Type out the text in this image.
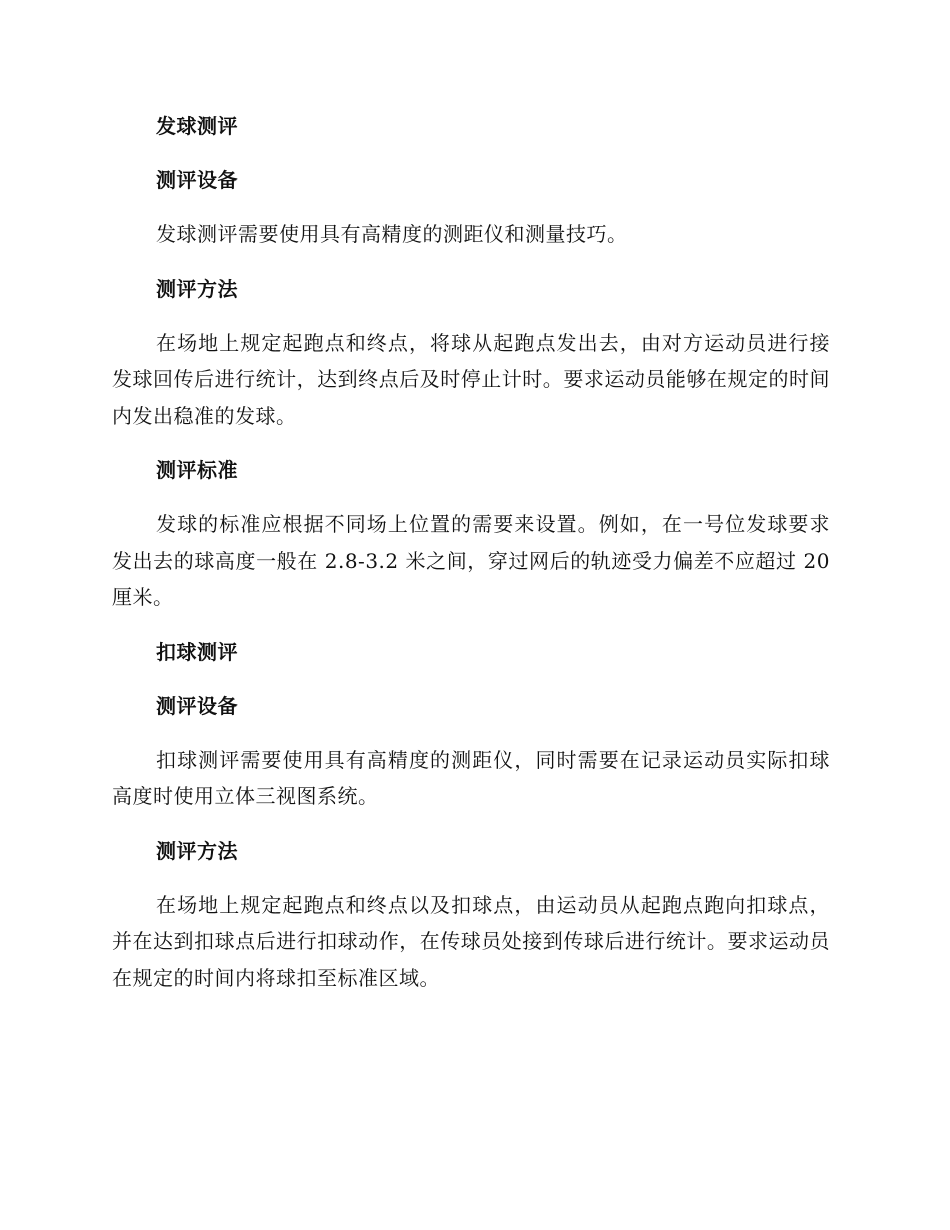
发球测评
测评设备

发球测评需要使用具有高精度的测距仪和测量技巧。

测评方法

在场地上规定起跑点和终点，将球从起跑点发出去，由对方运动员进行接发球回传后进行统计，达到终点后及时停止计时。要求运动员能够在规定的时间内发出稳准的发球。

测评标准

发球的标准应根据不同场上位置的需要来设置。例如，在一号位发球要求发出去的球高度一般在 2.8-3.2 米之间，穿过网后的轨迹受力偏差不应超过 20 厘米。

扣球测评
测评设备

扣球测评需要使用具有高精度的测距仪，同时需要在记录运动员实际扣球高度时使用立体三视图系统。

测评方法

在场地上规定起跑点和终点以及扣球点，由运动员从起跑点跑向扣球点，并在达到扣球点后进行扣球动作，在传球员处接到传球后进行统计。要求运动员在规定的时间内将球扣至标准区域。
